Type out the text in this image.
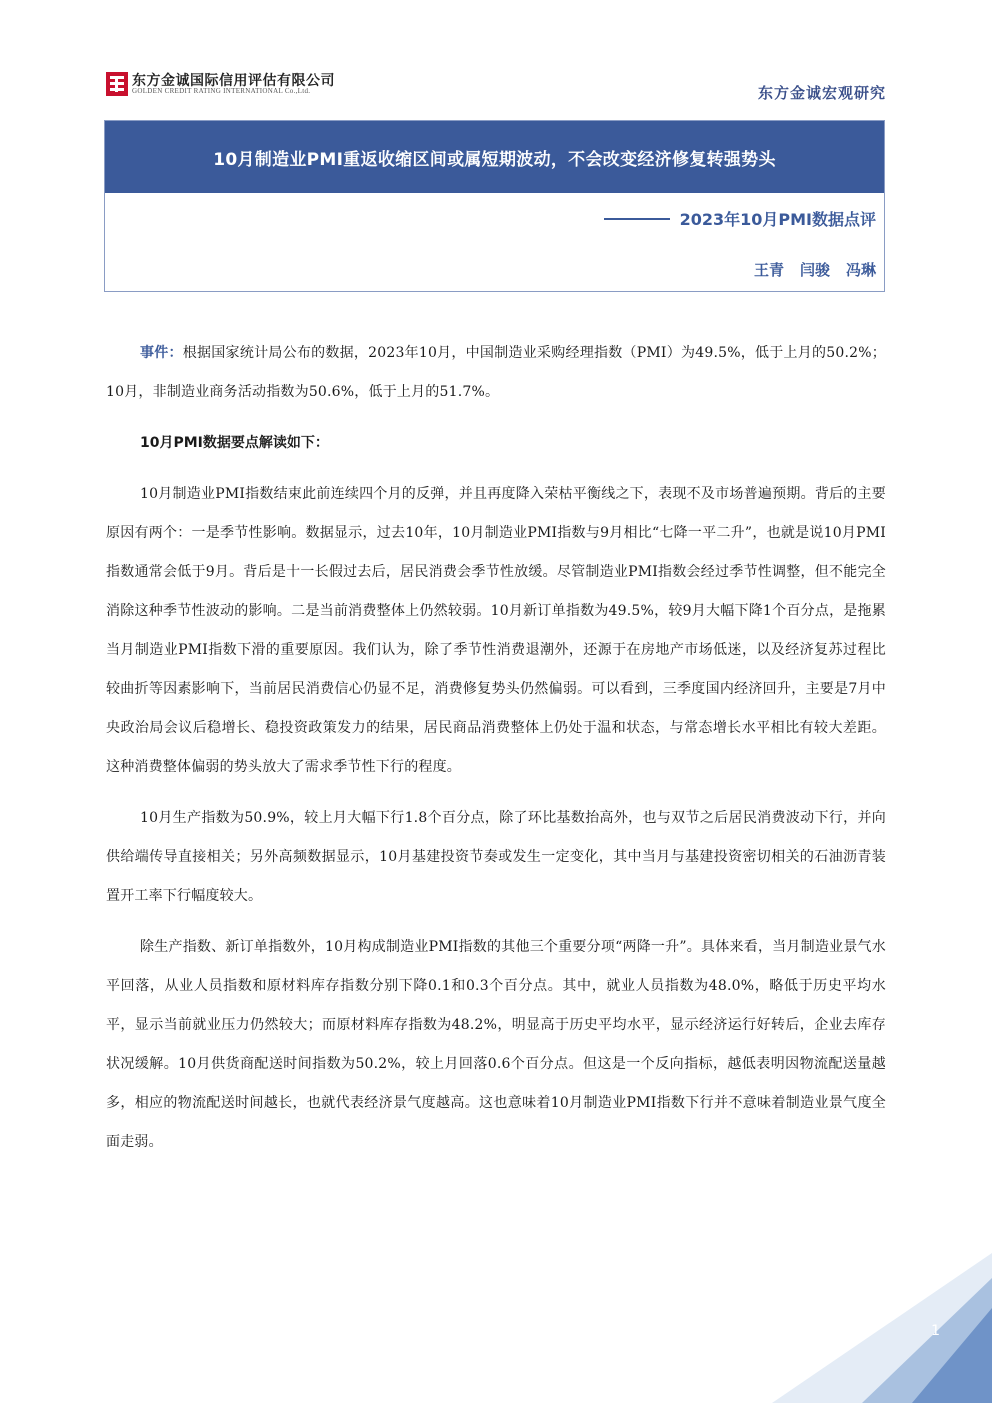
东方金诚国际信用评估有限公司
GOLDEN CREDIT RATING INTERNATIONAL Co.,Ltd.	东方金诚宏观研究
10月制造业PMI重返收缩区间或属短期波动，不会改变经济修复转强势头
2023年10月PMI数据点评
王青 闫骏 冯琳

事件：根据国家统计局公布的数据，2023年10月，中国制造业采购经理指数（PMI）为49.5%，低于上月的50.2%；10月，非制造业商务活动指数为50.6%，低于上月的51.7%。

10月PMI数据要点解读如下：

10月制造业PMI指数结束此前连续四个月的反弹，并且再度降入荣枯平衡线之下，表现不及市场普遍预期。背后的主要原因有两个：一是季节性影响。数据显示，过去10年，10月制造业PMI指数与9月相比“七降一平二升”，也就是说10月PMI指数通常会低于9月。背后是十一长假过去后，居民消费会季节性放缓。尽管制造业PMI指数会经过季节性调整，但不能完全消除这种季节性波动的影响。二是当前消费整体上仍然较弱。10月新订单指数为49.5%，较9月大幅下降1个百分点，是拖累当月制造业PMI指数下滑的重要原因。我们认为，除了季节性消费退潮外，还源于在房地产市场低迷，以及经济复苏过程比较曲折等因素影响下，当前居民消费信心仍显不足，消费修复势头仍然偏弱。可以看到，三季度国内经济回升，主要是7月中央政治局会议后稳增长、稳投资政策发力的结果，居民商品消费整体上仍处于温和状态，与常态增长水平相比有较大差距。这种消费整体偏弱的势头放大了需求季节性下行的程度。

10月生产指数为50.9%，较上月大幅下行1.8个百分点，除了环比基数抬高外，也与双节之后居民消费波动下行，并向供给端传导直接相关；另外高频数据显示，10月基建投资节奏或发生一定变化，其中当月与基建投资密切相关的石油沥青装置开工率下行幅度较大。

除生产指数、新订单指数外，10月构成制造业PMI指数的其他三个重要分项“两降一升”。具体来看，当月制造业景气水平回落，从业人员指数和原材料库存指数分别下降0.1和0.3个百分点。其中，就业人员指数为48.0%，略低于历史平均水平，显示当前就业压力仍然较大；而原材料库存指数为48.2%，明显高于历史平均水平，显示经济运行好转后，企业去库存状况缓解。10月供货商配送时间指数为50.2%，较上月回落0.6个百分点。但这是一个反向指标，越低表明因物流配送量越多，相应的物流配送时间越长，也就代表经济景气度越高。这也意味着10月制造业PMI指数下行并不意味着制造业景气度全面走弱。

1
